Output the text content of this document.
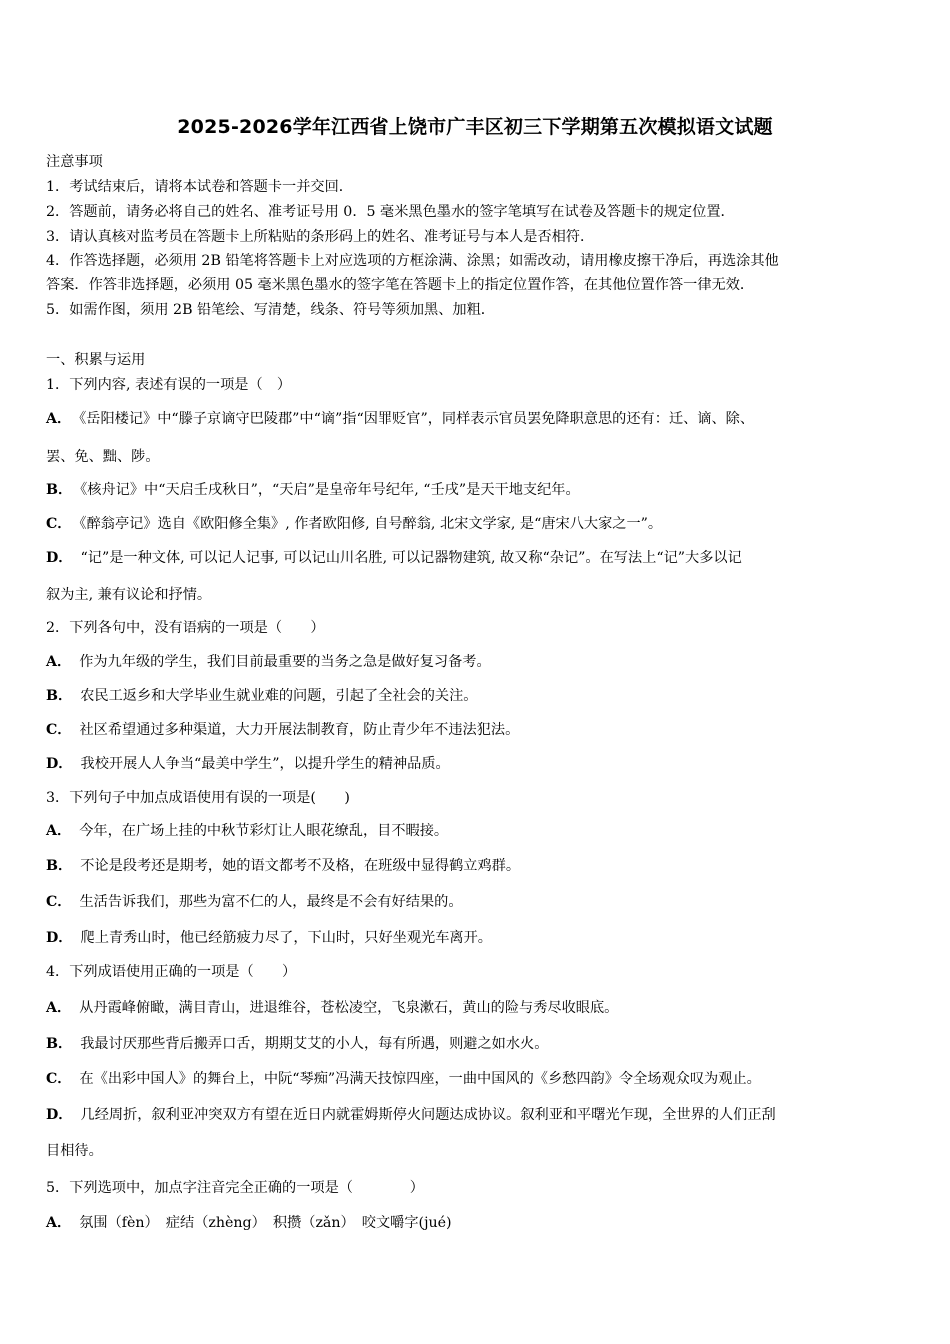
2025-2026学年江西省上饶市广丰区初三下学期第五次模拟语文试题
注意事项
1．考试结束后，请将本试卷和答题卡一并交回．
2．答题前，请务必将自己的姓名、准考证号用 0．5 毫米黑色墨水的签字笔填写在试卷及答题卡的规定位置．
3．请认真核对监考员在答题卡上所粘贴的条形码上的姓名、准考证号与本人是否相符．
4．作答选择题，必须用 2B 铅笔将答题卡上对应选项的方框涂满、涂黑；如需改动，请用橡皮擦干净后，再选涂其他
答案．作答非选择题，必须用 05 毫米黑色墨水的签字笔在答题卡上的指定位置作答，在其他位置作答一律无效．
5．如需作图，须用 2B 铅笔绘、写清楚，线条、符号等须加黑、加粗．
一、积累与运用
1．下列内容, 表述有误的一项是（　）
A． 《岳阳楼记》中“滕子京谪守巴陵郡”中“谪”指“因罪贬官”，同样表示官员罢免降职意思的还有：迁、谪、除、
罢、免、黜、陟。
B． 《核舟记》中“天启壬戌秋日”，“天启”是皇帝年号纪年, “壬戌”是天干地支纪年。
C． 《醉翁亭记》选自《欧阳修全集》, 作者欧阳修, 自号醉翁, 北宋文学家, 是“唐宋八大家之一”。
D． “记”是一种文体, 可以记人记事, 可以记山川名胜, 可以记器物建筑, 故又称“杂记”。在写法上“记”大多以记
叙为主, 兼有议论和抒情。
2．下列各句中，没有语病的一项是（　　）
A． 作为九年级的学生，我们目前最重要的当务之急是做好复习备考。
B． 农民工返乡和大学毕业生就业难的问题，引起了全社会的关注。
C． 社区希望通过多种渠道，大力开展法制教育，防止青少年不违法犯法。
D． 我校开展人人争当“最美中学生”，以提升学生的精神品质。
3．下列句子中加点成语使用有误的一项是(　　)
A． 今年，在广场上挂的中秋节彩灯让人眼花缭乱，目不暇接。
B． 不论是段考还是期考，她的语文都考不及格，在班级中显得鹤立鸡群。
C． 生活告诉我们，那些为富不仁的人，最终是不会有好结果的。
D． 爬上青秀山时，他已经筋疲力尽了，下山时，只好坐观光车离开。
4．下列成语使用正确的一项是（　　）
A． 从丹霞峰俯瞰，满目青山，进退维谷，苍松凌空，飞泉漱石，黄山的险与秀尽收眼底。
B． 我最讨厌那些背后搬弄口舌，期期艾艾的小人，每有所遇，则避之如水火。
C． 在《出彩中国人》的舞台上，中阮“琴痴”冯满天技惊四座，一曲中国风的《乡愁四韵》令全场观众叹为观止。
D． 几经周折，叙利亚冲突双方有望在近日内就霍姆斯停火问题达成协议。叙利亚和平曙光乍现，全世界的人们正刮
目相待。
5．下列选项中，加点字注音完全正确的一项是（　　　　）
A． 氛围（fèn）　症结（zhèng）　积攒（zǎn）　咬文嚼字(jué)
